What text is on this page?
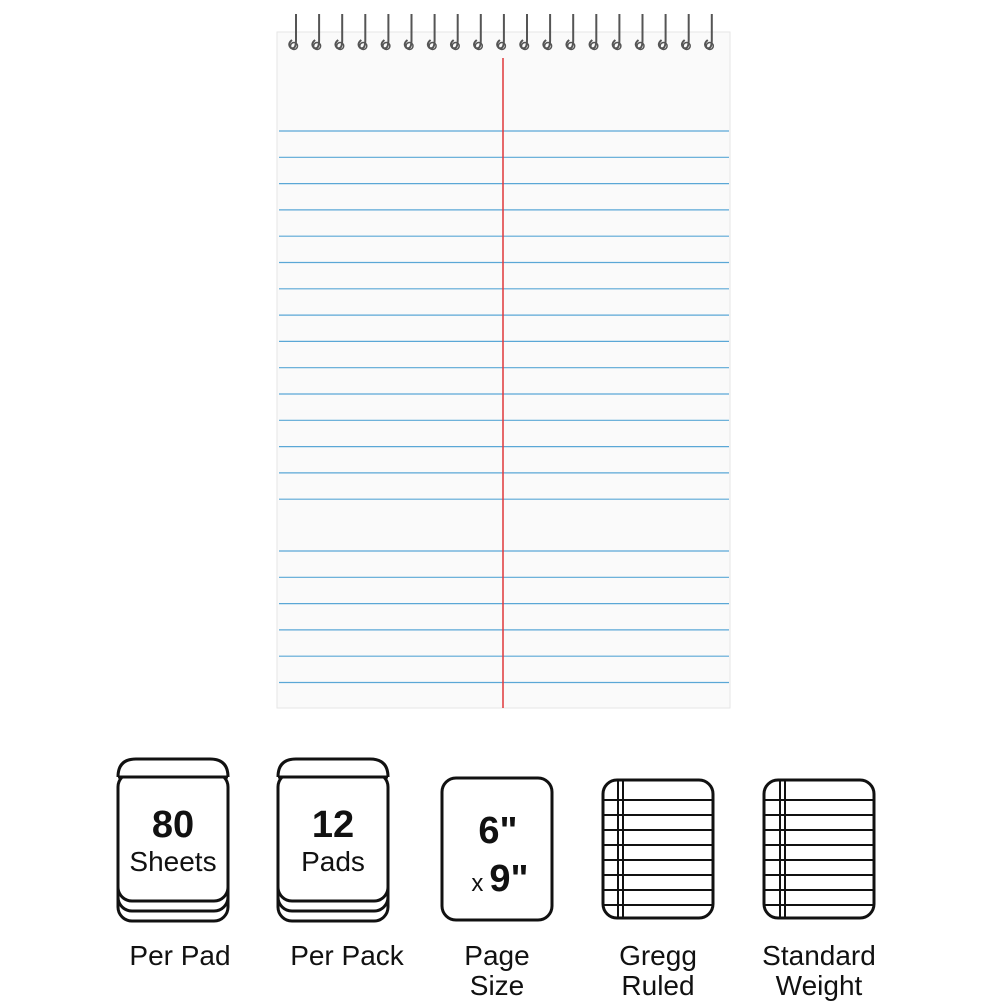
80
Sheets
Per Pad
12
Pads
Per Pack
6"
x 9"
Page
Size
Gregg
Ruled
Standard
Weight
